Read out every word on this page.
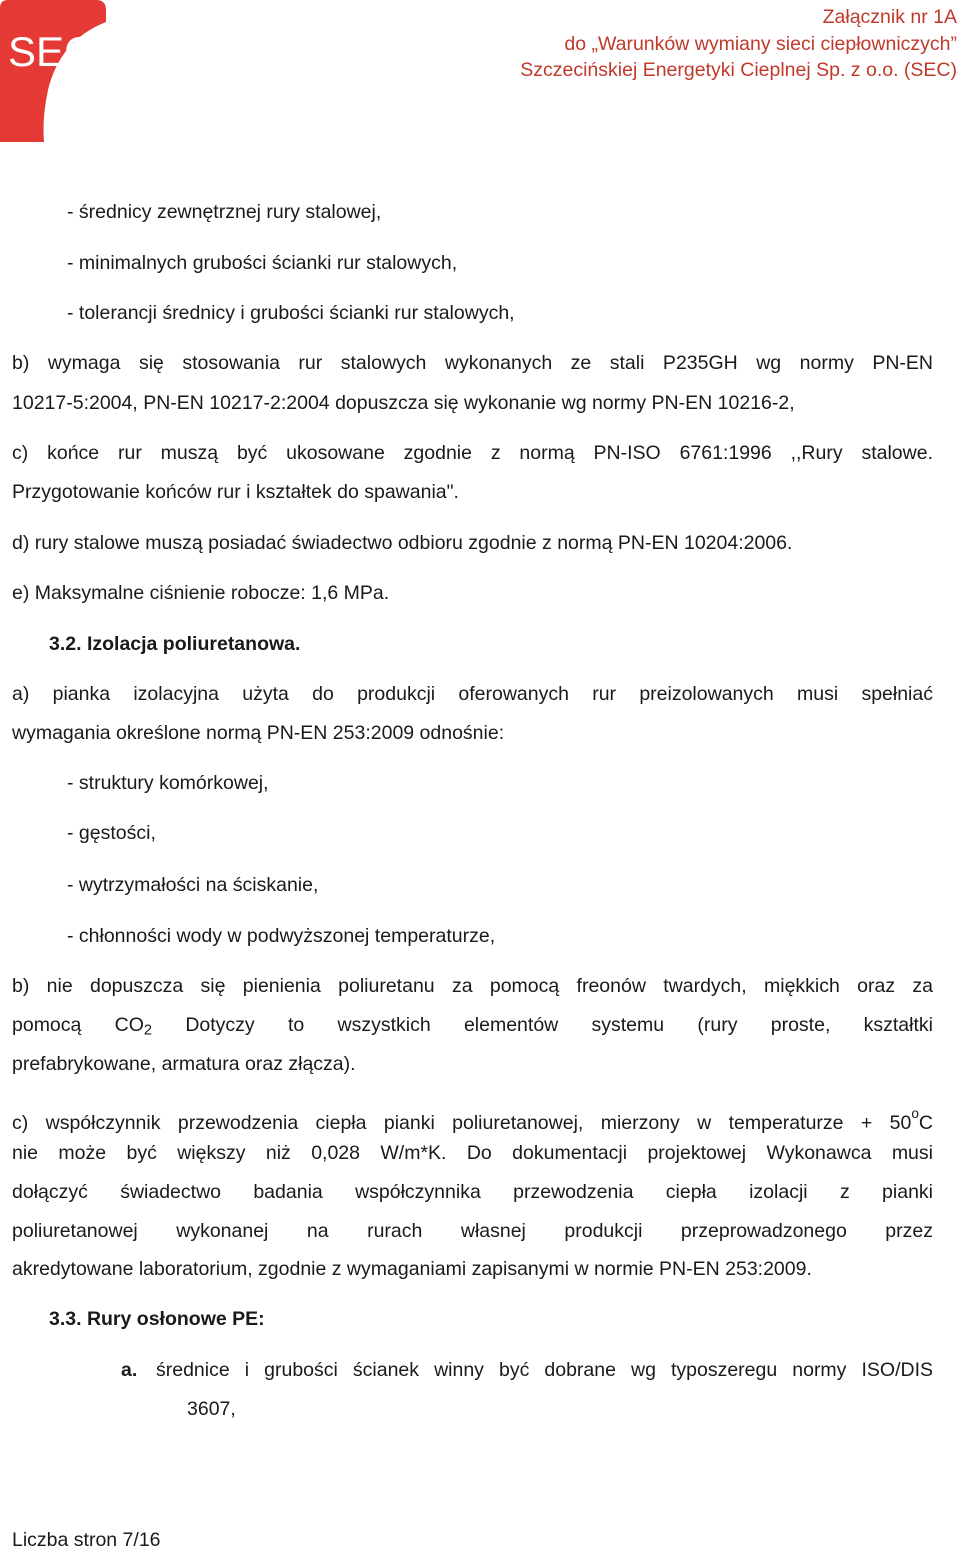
SEC
Załącznik nr 1A
do „Warunków wymiany sieci ciepłowniczych”
Szczecińskiej Energetyki Cieplnej Sp. z o.o. (SEC)
- średnicy zewnętrznej rury stalowej,
- minimalnych grubości ścianki rur stalowych,
- tolerancji średnicy i grubości ścianki rur stalowych,
b) wymaga się stosowania rur stalowych wykonanych ze stali P235GH wg normy PN-EN
10217-5:2004, PN-EN 10217-2:2004 dopuszcza się wykonanie wg normy PN-EN 10216-2,
c) końce rur muszą być ukosowane zgodnie z normą PN-ISO 6761:1996 ,,Rury stalowe.
Przygotowanie końców rur i kształtek do spawania".
d) rury stalowe muszą posiadać świadectwo odbioru zgodnie z normą PN-EN 10204:2006.
e) Maksymalne ciśnienie robocze: 1,6 MPa.
3.2. Izolacja poliuretanowa.
a) pianka izolacyjna użyta do produkcji oferowanych rur preizolowanych musi spełniać
wymagania określone normą PN-EN 253:2009 odnośnie:
- struktury komórkowej,
- gęstości,
- wytrzymałości na ściskanie,
- chłonności wody w podwyższonej temperaturze,
b) nie dopuszcza się pienienia poliuretanu za pomocą freonów twardych, miękkich oraz za
pomocą $CO_2$ Dotyczy to wszystkich elementów systemu (rury proste, kształtki
prefabrykowane, armatura oraz złącza).
c) współczynnik przewodzenia ciepła pianki poliuretanowej, mierzony w temperaturze + $50^oC$
nie może być większy niż 0,028 W/m*K. Do dokumentacji projektowej Wykonawca musi
dołączyć świadectwo badania współczynnika przewodzenia ciepła izolacji z pianki
poliuretanowej wykonanej na rurach własnej produkcji przeprowadzonego przez
akredytowane laboratorium, zgodnie z wymaganiami zapisanymi w normie PN-EN 253:2009.
3.3. Rury osłonowe PE:
a. średnice i grubości ścianek winny być dobrane wg typoszeregu normy ISO/DIS
3607,
Liczba stron 7/16
